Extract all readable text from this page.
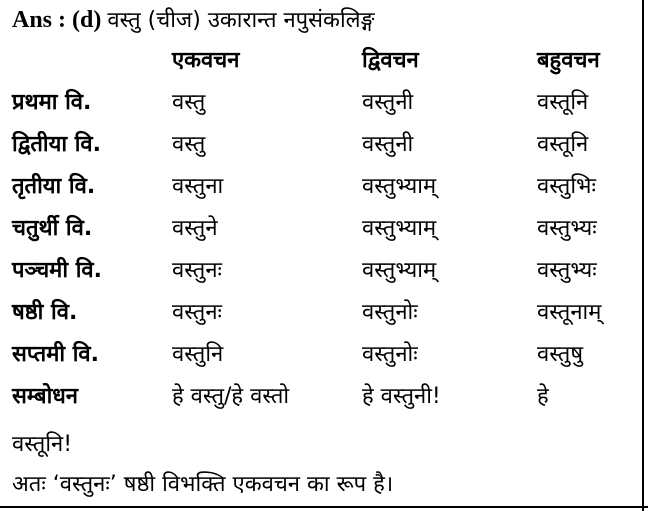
Ans : (d) वस्तु (चीज) उकारान्त नपुसंकलिङ्ग
	एकवचन	द्विवचन	बहुवचन
प्रथमा वि.	वस्तु	वस्तुनी	वस्तूनि
द्वितीया वि.	वस्तु	वस्तुनी	वस्तूनि
तृतीया वि.	वस्तुना	वस्तुभ्याम्	वस्तुभिः
चतुर्थी वि.	वस्तुने	वस्तुभ्याम्	वस्तुभ्यः
पञ्चमी वि.	वस्तुनः	वस्तुभ्याम्	वस्तुभ्यः
षष्ठी वि.	वस्तुनः	वस्तुनोः	वस्तूनाम्
सप्तमी वि.	वस्तुनि	वस्तुनोः	वस्तुषु
सम्बोधन	हे वस्तु/हे वस्तो	हे वस्तुनी!	हे
वस्तूनि!
अतः ‘वस्तुनः’ षष्ठी विभक्ति एकवचन का रूप है।
